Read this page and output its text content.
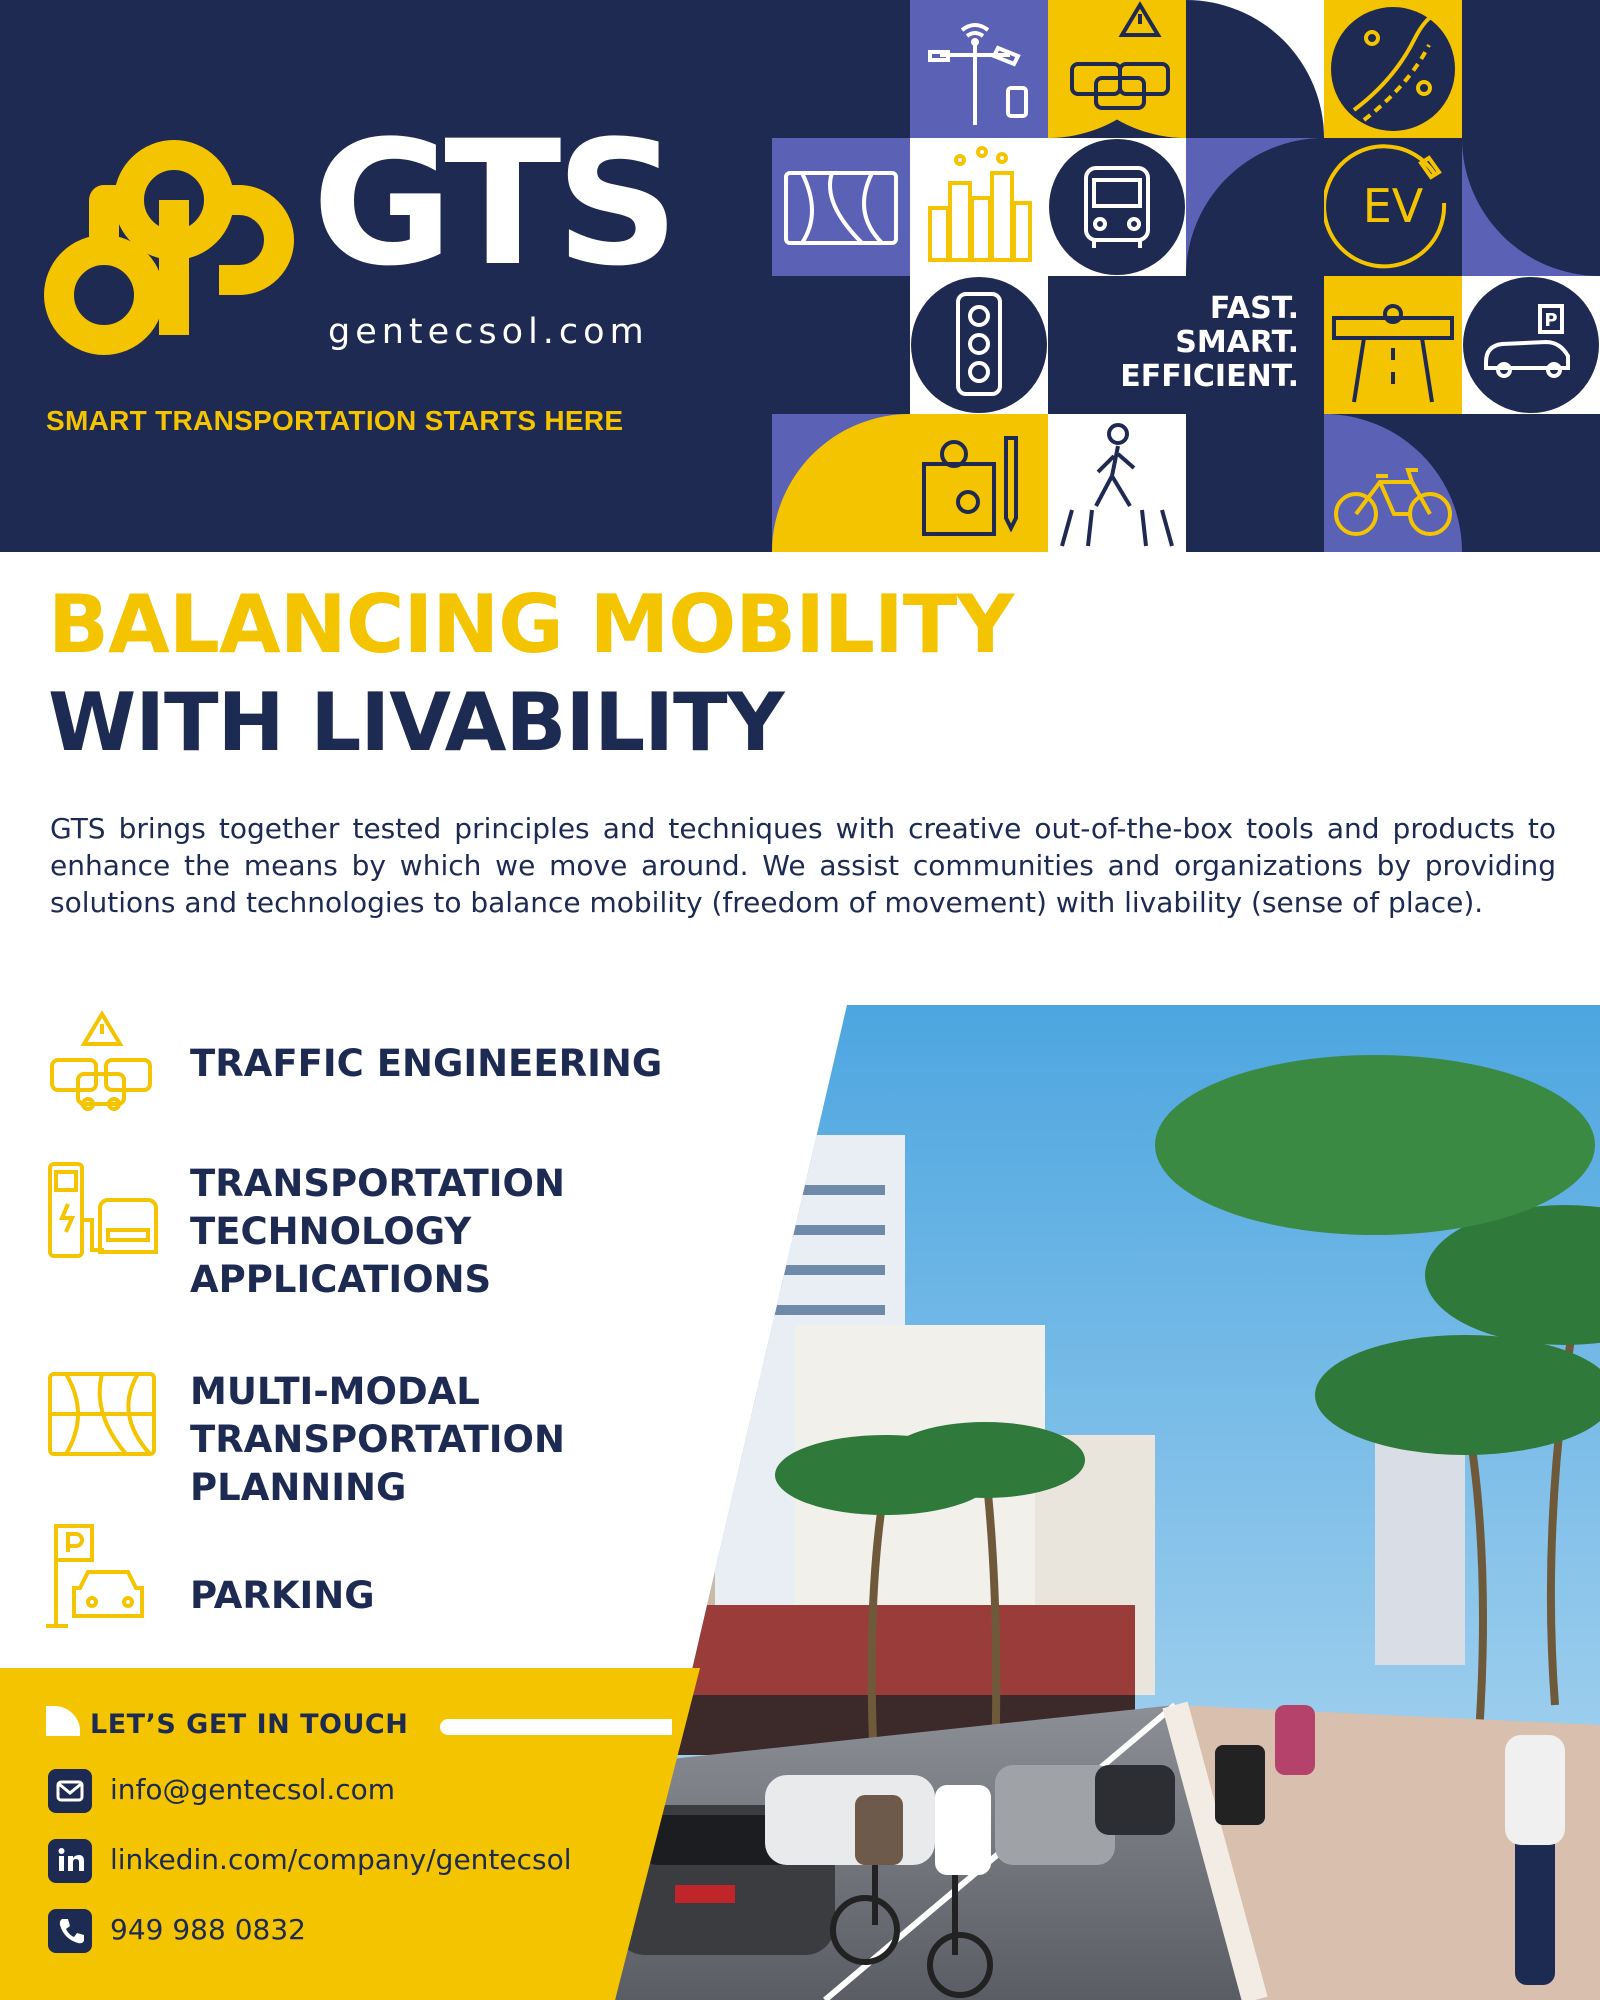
GTS
gentecsol.com
SMART TRANSPORTATION STARTS HERE
EV
FAST.
SMART.
EFFICIENT.
P
BALANCING MOBILITY
WITH LIVABILITY

GTS brings together tested principles and techniques with creative out-of-the-box tools and products to enhance the means by which we move around. We assist communities and organizations by providing solutions and technologies to balance mobility (freedom of movement) with livability (sense of place).

TRAFFIC ENGINEERING
TRANSPORTATION
TECHNOLOGY
APPLICATIONS
MULTI-MODAL
TRANSPORTATION
PLANNING
PARKING
LET’S GET IN TOUCH
info@gentecsol.com
linkedin.com/company/gentecsol
949 988 0832
